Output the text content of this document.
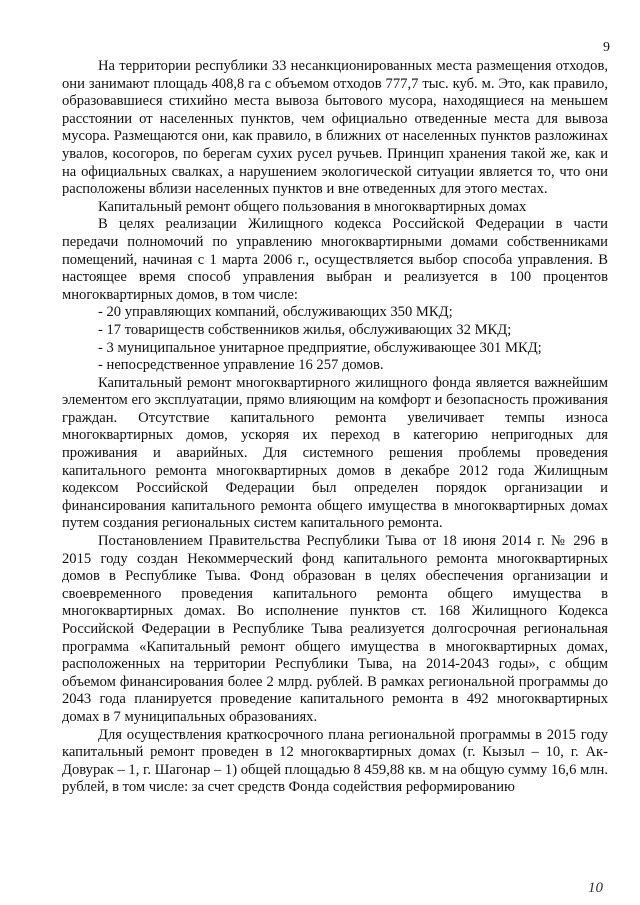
9

На территории республики 33 несанкционированных места размещения отходов, они занимают площадь 408,8 га с объемом отходов 777,7 тыс. куб. м. Это, как правило, образовавшиеся стихийно места вывоза бытового мусора, находящиеся на меньшем расстоянии от населенных пунктов, чем официально отведенные места для вывоза мусора. Размещаются они, как правило, в ближних от населенных пунктов разложинах увалов, косогоров, по берегам сухих русел ручьев. Принцип хранения такой же, как и на официальных свалках, а нарушением экологической ситуации является то, что они расположены вблизи населенных пунктов и вне отведенных для этого местах.

Капитальный ремонт общего пользования в многоквартирных домах

В целях реализации Жилищного кодекса Российской Федерации в части передачи полномочий по управлению многоквартирными домами собственниками помещений, начиная с 1 марта 2006 г., осуществляется выбор способа управления. В настоящее время способ управления выбран и реализуется в 100 процентов многоквартирных домов, в том числе:

- 20 управляющих компаний, обслуживающих 350 МКД;
- 17 товариществ собственников жилья, обслуживающих 32 МКД;
- 3 муниципальное унитарное предприятие, обслуживающее 301 МКД;
- непосредственное управление 16 257 домов.

Капитальный ремонт многоквартирного жилищного фонда является важнейшим элементом его эксплуатации, прямо влияющим на комфорт и безопасность проживания граждан. Отсутствие капитального ремонта увеличивает темпы износа многоквартирных домов, ускоряя их переход в категорию непригодных для проживания и аварийных. Для системного решения проблемы проведения капитального ремонта многоквартирных домов в декабре 2012 года Жилищным кодексом Российской Федерации был определен порядок организации и финансирования капитального ремонта общего имущества в многоквартирных домах путем создания региональных систем капитального ремонта.

Постановлением Правительства Республики Тыва от 18 июня 2014 г. № 296 в 2015 году создан Некоммерческий фонд капитального ремонта многоквартирных домов в Республике Тыва. Фонд образован в целях обеспечения организации и своевременного проведения капитального ремонта общего имущества в многоквартирных домах. Во исполнение пунктов ст. 168 Жилищного Кодекса Российской Федерации в Республике Тыва реализуется долгосрочная региональная программа «Капитальный ремонт общего имущества в многоквартирных домах, расположенных на территории Республики Тыва, на 2014-2043 годы», с общим объемом финансирования более 2 млрд. рублей. В рамках региональной программы до 2043 года планируется проведение капитального ремонта в 492 многоквартирных домах в 7 муниципальных образованиях.

Для осуществления краткосрочного плана региональной программы в 2015 году капитальный ремонт проведен в 12 многоквартирных домах (г. Кызыл – 10, г. Ак-Довурак – 1, г. Шагонар – 1) общей площадью 8 459,88 кв. м на общую сумму 16,6 млн. рублей, в том числе: за счет средств Фонда содействия реформированию

10
